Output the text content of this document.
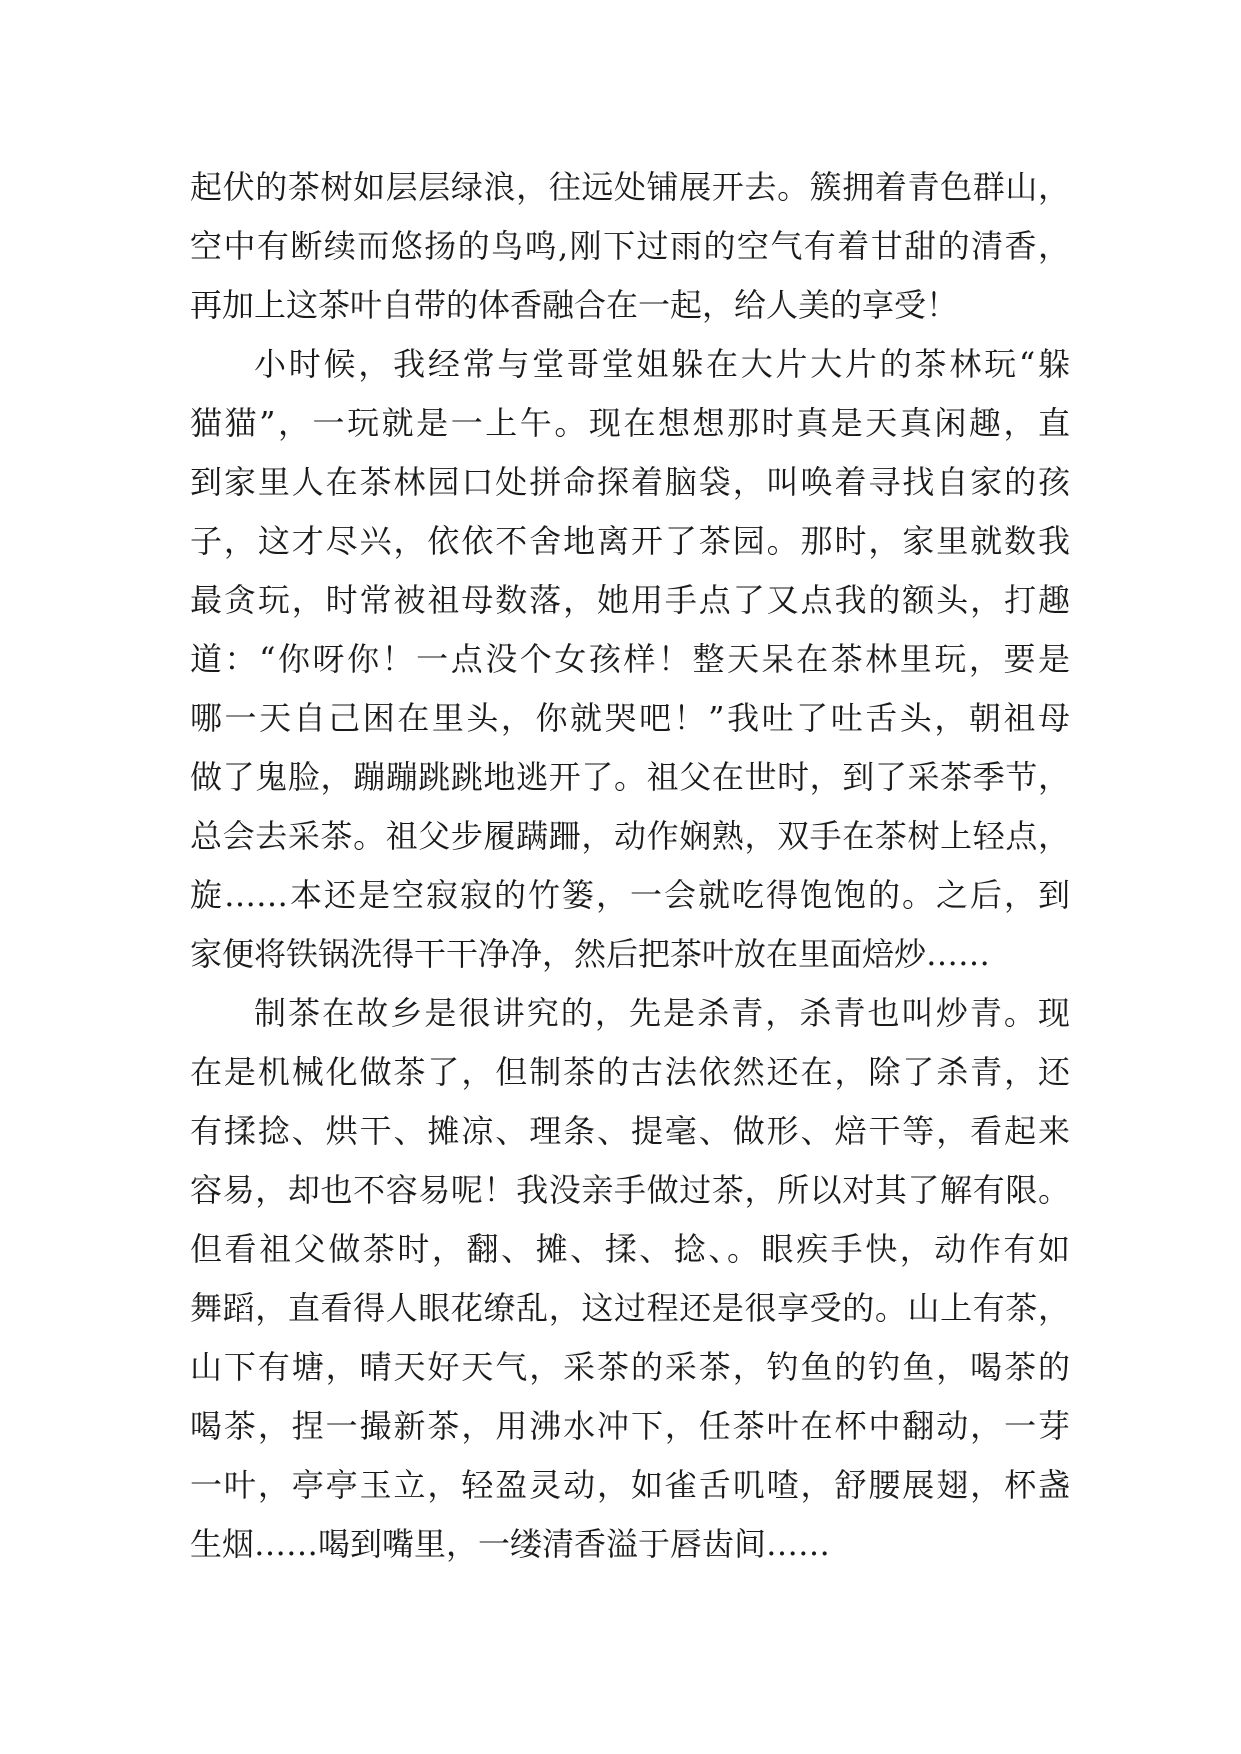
起伏的茶树如层层绿浪，往远处铺展开去。簇拥着青色群山，
空中有断续而悠扬的鸟鸣,刚下过雨的空气有着甘甜的清香，
再加上这茶叶自带的体香融合在一起，给人美的享受！
小时候，我经常与堂哥堂姐躲在大片大片的茶林玩“躲
猫猫”，一玩就是一上午。现在想想那时真是天真闲趣，直
到家里人在茶林园口处拼命探着脑袋，叫唤着寻找自家的孩
子，这才尽兴，依依不舍地离开了茶园。那时，家里就数我
最贪玩，时常被祖母数落，她用手点了又点我的额头，打趣
道：“你呀你！一点没个女孩样！整天呆在茶林里玩，要是
哪一天自己困在里头，你就哭吧！”我吐了吐舌头，朝祖母
做了鬼脸，蹦蹦跳跳地逃开了。祖父在世时，到了采茶季节，
总会去采茶。祖父步履蹒跚，动作娴熟，双手在茶树上轻点，
旋……本还是空寂寂的竹篓，一会就吃得饱饱的。之后，到
家便将铁锅洗得干干净净，然后把茶叶放在里面焙炒……
制茶在故乡是很讲究的，先是杀青，杀青也叫炒青。现
在是机械化做茶了，但制茶的古法依然还在，除了杀青，还
有揉捻、烘干、摊凉、理条、提毫、做形、焙干等，看起来
容易，却也不容易呢！我没亲手做过茶，所以对其了解有限。
但看祖父做茶时，翻、摊、揉、捻、。眼疾手快，动作有如
舞蹈，直看得人眼花缭乱，这过程还是很享受的。山上有茶，
山下有塘，晴天好天气，采茶的采茶，钓鱼的钓鱼，喝茶的
喝茶，捏一撮新茶，用沸水冲下，任茶叶在杯中翻动，一芽
一叶，亭亭玉立，轻盈灵动，如雀舌叽喳，舒腰展翅，杯盏
生烟……喝到嘴里，一缕清香溢于唇齿间……
